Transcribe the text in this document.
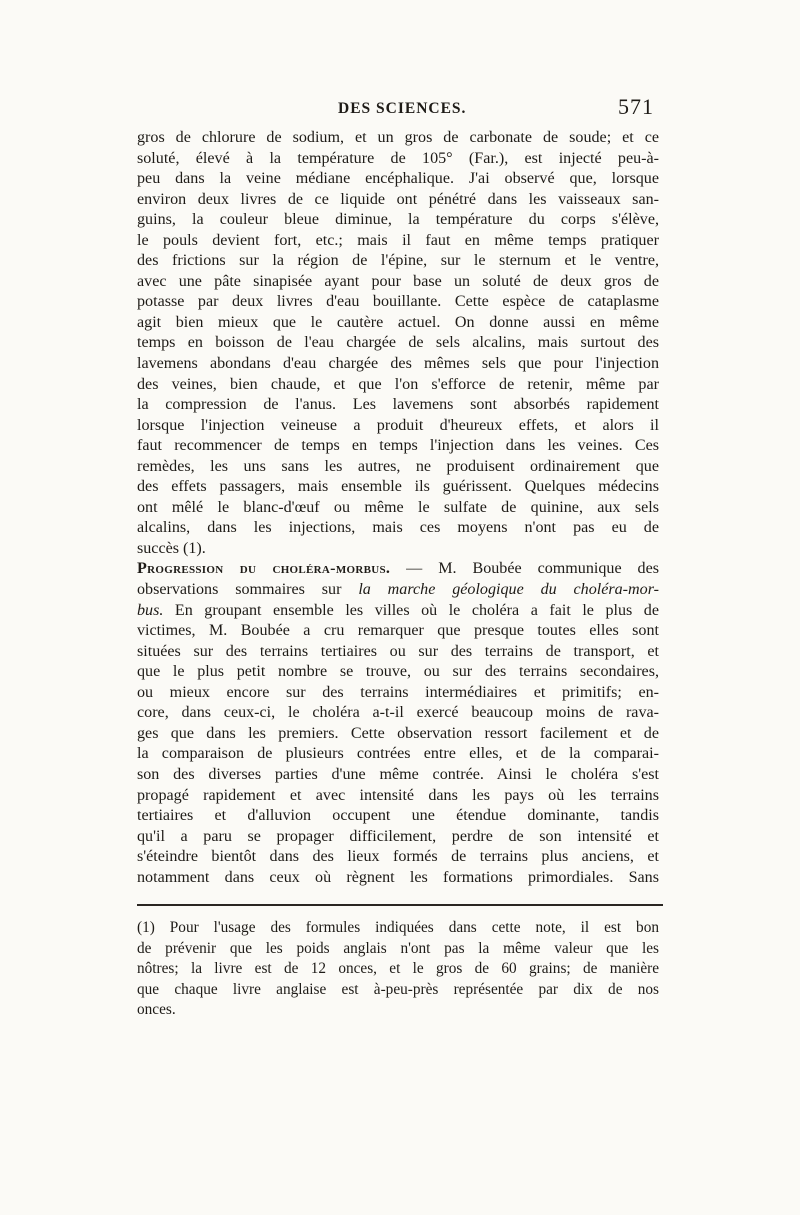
DES SCIENCES.	571
gros de chlorure de sodium, et un gros de carbonate de soude; et ce
soluté, élevé à la température de 105° (Far.), est injecté peu-à-
peu dans la veine médiane encéphalique. J'ai observé que, lorsque
environ deux livres de ce liquide ont pénétré dans les vaisseaux san-
guins, la couleur bleue diminue, la température du corps s'élève,
le pouls devient fort, etc.; mais il faut en même temps pratiquer
des frictions sur la région de l'épine, sur le sternum et le ventre,
avec une pâte sinapisée ayant pour base un soluté de deux gros de
potasse par deux livres d'eau bouillante. Cette espèce de cataplasme
agit bien mieux que le cautère actuel. On donne aussi en même
temps en boisson de l'eau chargée de sels alcalins, mais surtout des
lavemens abondans d'eau chargée des mêmes sels que pour l'injection
des veines, bien chaude, et que l'on s'efforce de retenir, même par
la compression de l'anus. Les lavemens sont absorbés rapidement
lorsque l'injection veineuse a produit d'heureux effets, et alors il
faut recommencer de temps en temps l'injection dans les veines. Ces
remèdes, les uns sans les autres, ne produisent ordinairement que
des effets passagers, mais ensemble ils guérissent. Quelques médecins
ont mêlé le blanc-d'œuf ou même le sulfate de quinine, aux sels
alcalins, dans les injections, mais ces moyens n'ont pas eu de
succès (1).
Progression du choléra-morbus. — M. Boubée communique des
observations sommaires sur la marche géologique du choléra-mor-
bus. En groupant ensemble les villes où le choléra a fait le plus de
victimes, M. Boubée a cru remarquer que presque toutes elles sont
situées sur des terrains tertiaires ou sur des terrains de transport, et
que le plus petit nombre se trouve, ou sur des terrains secondaires,
ou mieux encore sur des terrains intermédiaires et primitifs; en-
core, dans ceux-ci, le choléra a-t-il exercé beaucoup moins de rava-
ges que dans les premiers. Cette observation ressort facilement et de
la comparaison de plusieurs contrées entre elles, et de la comparai-
son des diverses parties d'une même contrée. Ainsi le choléra s'est
propagé rapidement et avec intensité dans les pays où les terrains
tertiaires et d'alluvion occupent une étendue dominante, tandis
qu'il a paru se propager difficilement, perdre de son intensité et
s'éteindre bientôt dans des lieux formés de terrains plus anciens, et
notamment dans ceux où règnent les formations primordiales. Sans
(1) Pour l'usage des formules indiquées dans cette note, il est bon
de prévenir que les poids anglais n'ont pas la même valeur que les
nôtres; la livre est de 12 onces, et le gros de 60 grains; de manière
que chaque livre anglaise est à-peu-près représentée par dix de nos
onces.
